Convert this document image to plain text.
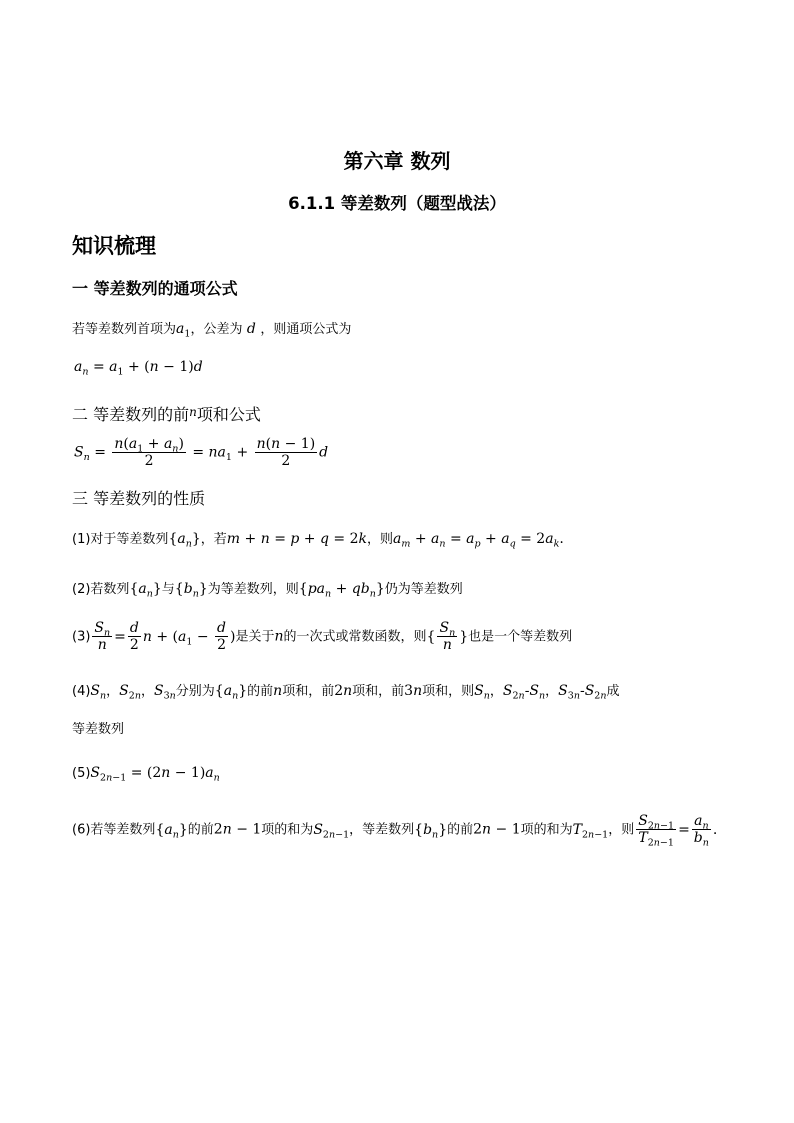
第六章 数列
6.1.1 等差数列（题型战法）
知识梳理
一 等差数列的通项公式
若等差数列首项为$a_1$，公差为 d ，则通项公式为
$a_n = a_1 + (n - 1)d$
二 等差数列的前$^n$项和公式
$S_n = \frac{n(a_1 + a_n)}{2} = na_1 + \frac{n(n - 1)}{2}$ d
三 等差数列的性质
(1)对于等差数列$\{a_n\}$，若m + n = p + q = 2k，则$a_m + a_n = a_p + a_q = 2a_k$.
(2)若数列$\{a_n\}$与$\{b_n\}$为等差数列，则$\{pa_n + qb_n\}$仍为等差数列
$(3) \frac{S_n}{n} = \frac{d}{2}$ $n + (a_1 - \frac{d}{2}$ )是关于n的一次式或常数函数，则{ $\frac{S_n}{n}$ }也是一个等差数列
$(4)S_n$，$S_{2n}$，$S_{3n}$分别为$\{a_n\}$的前n项和，前2n项和，前3n项和，则$S_n$，$S_{2n}-S_n$，$S_{3n}-S_{2n}$成
等差数列
$(5)S_{2n-1} = (2n - 1)a_n$
(6)若等差数列$\{a_n\}$的前2n − 1项的和为$S_{2n-1}$，等差数列$\{b_n\}$的前2n − 1项的和为$T_{2n-1}$，则 $\frac{S_{2n-1}}{T_{2n-1}} = \frac{a_n}{b_n}$ .
